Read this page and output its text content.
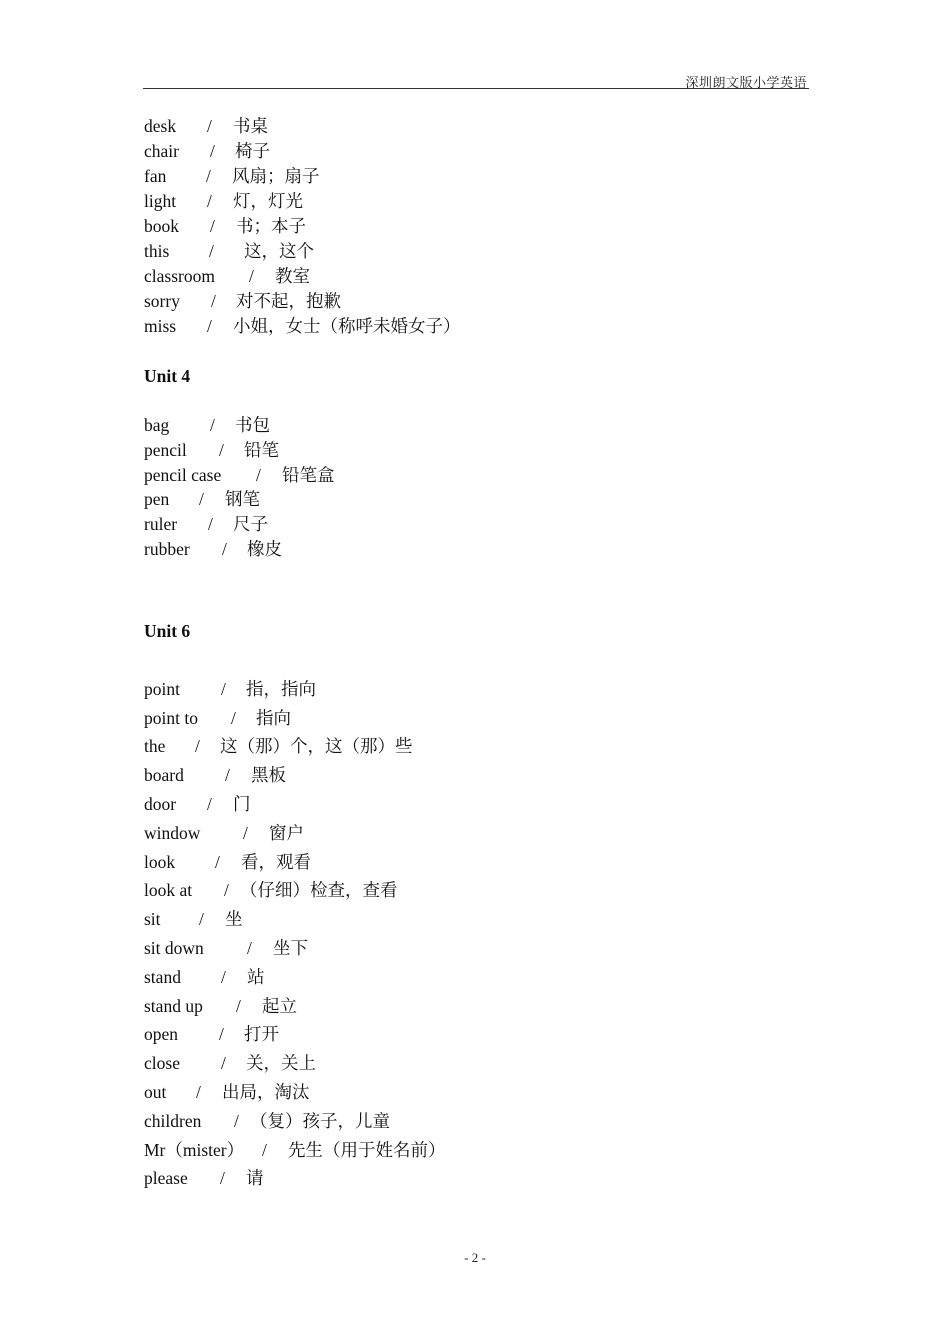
深圳朗文版小学英语
desk / 书桌
chair / 椅子
fan / 风扇；扇子
light / 灯，灯光
book / 书；本子
this / 这，这个
classroom / 教室
sorry / 对不起，抱歉
miss / 小姐，女士（称呼未婚女子）
Unit 4
bag / 书包
pencil / 铅笔
pencil case / 铅笔盒
pen / 钢笔
ruler / 尺子
rubber / 橡皮
Unit 6
point / 指，指向
point to / 指向
the / 这（那）个，这（那）些
board / 黑板
door / 门
window / 窗户
look / 看，观看
look at / （仔细）检查，查看
sit / 坐
sit down / 坐下
stand / 站
stand up / 起立
open / 打开
close / 关，关上
out / 出局，淘汰
children / （复）孩子，儿童
Mr（mister） / 先生（用于姓名前）
please / 请
- 2 -
